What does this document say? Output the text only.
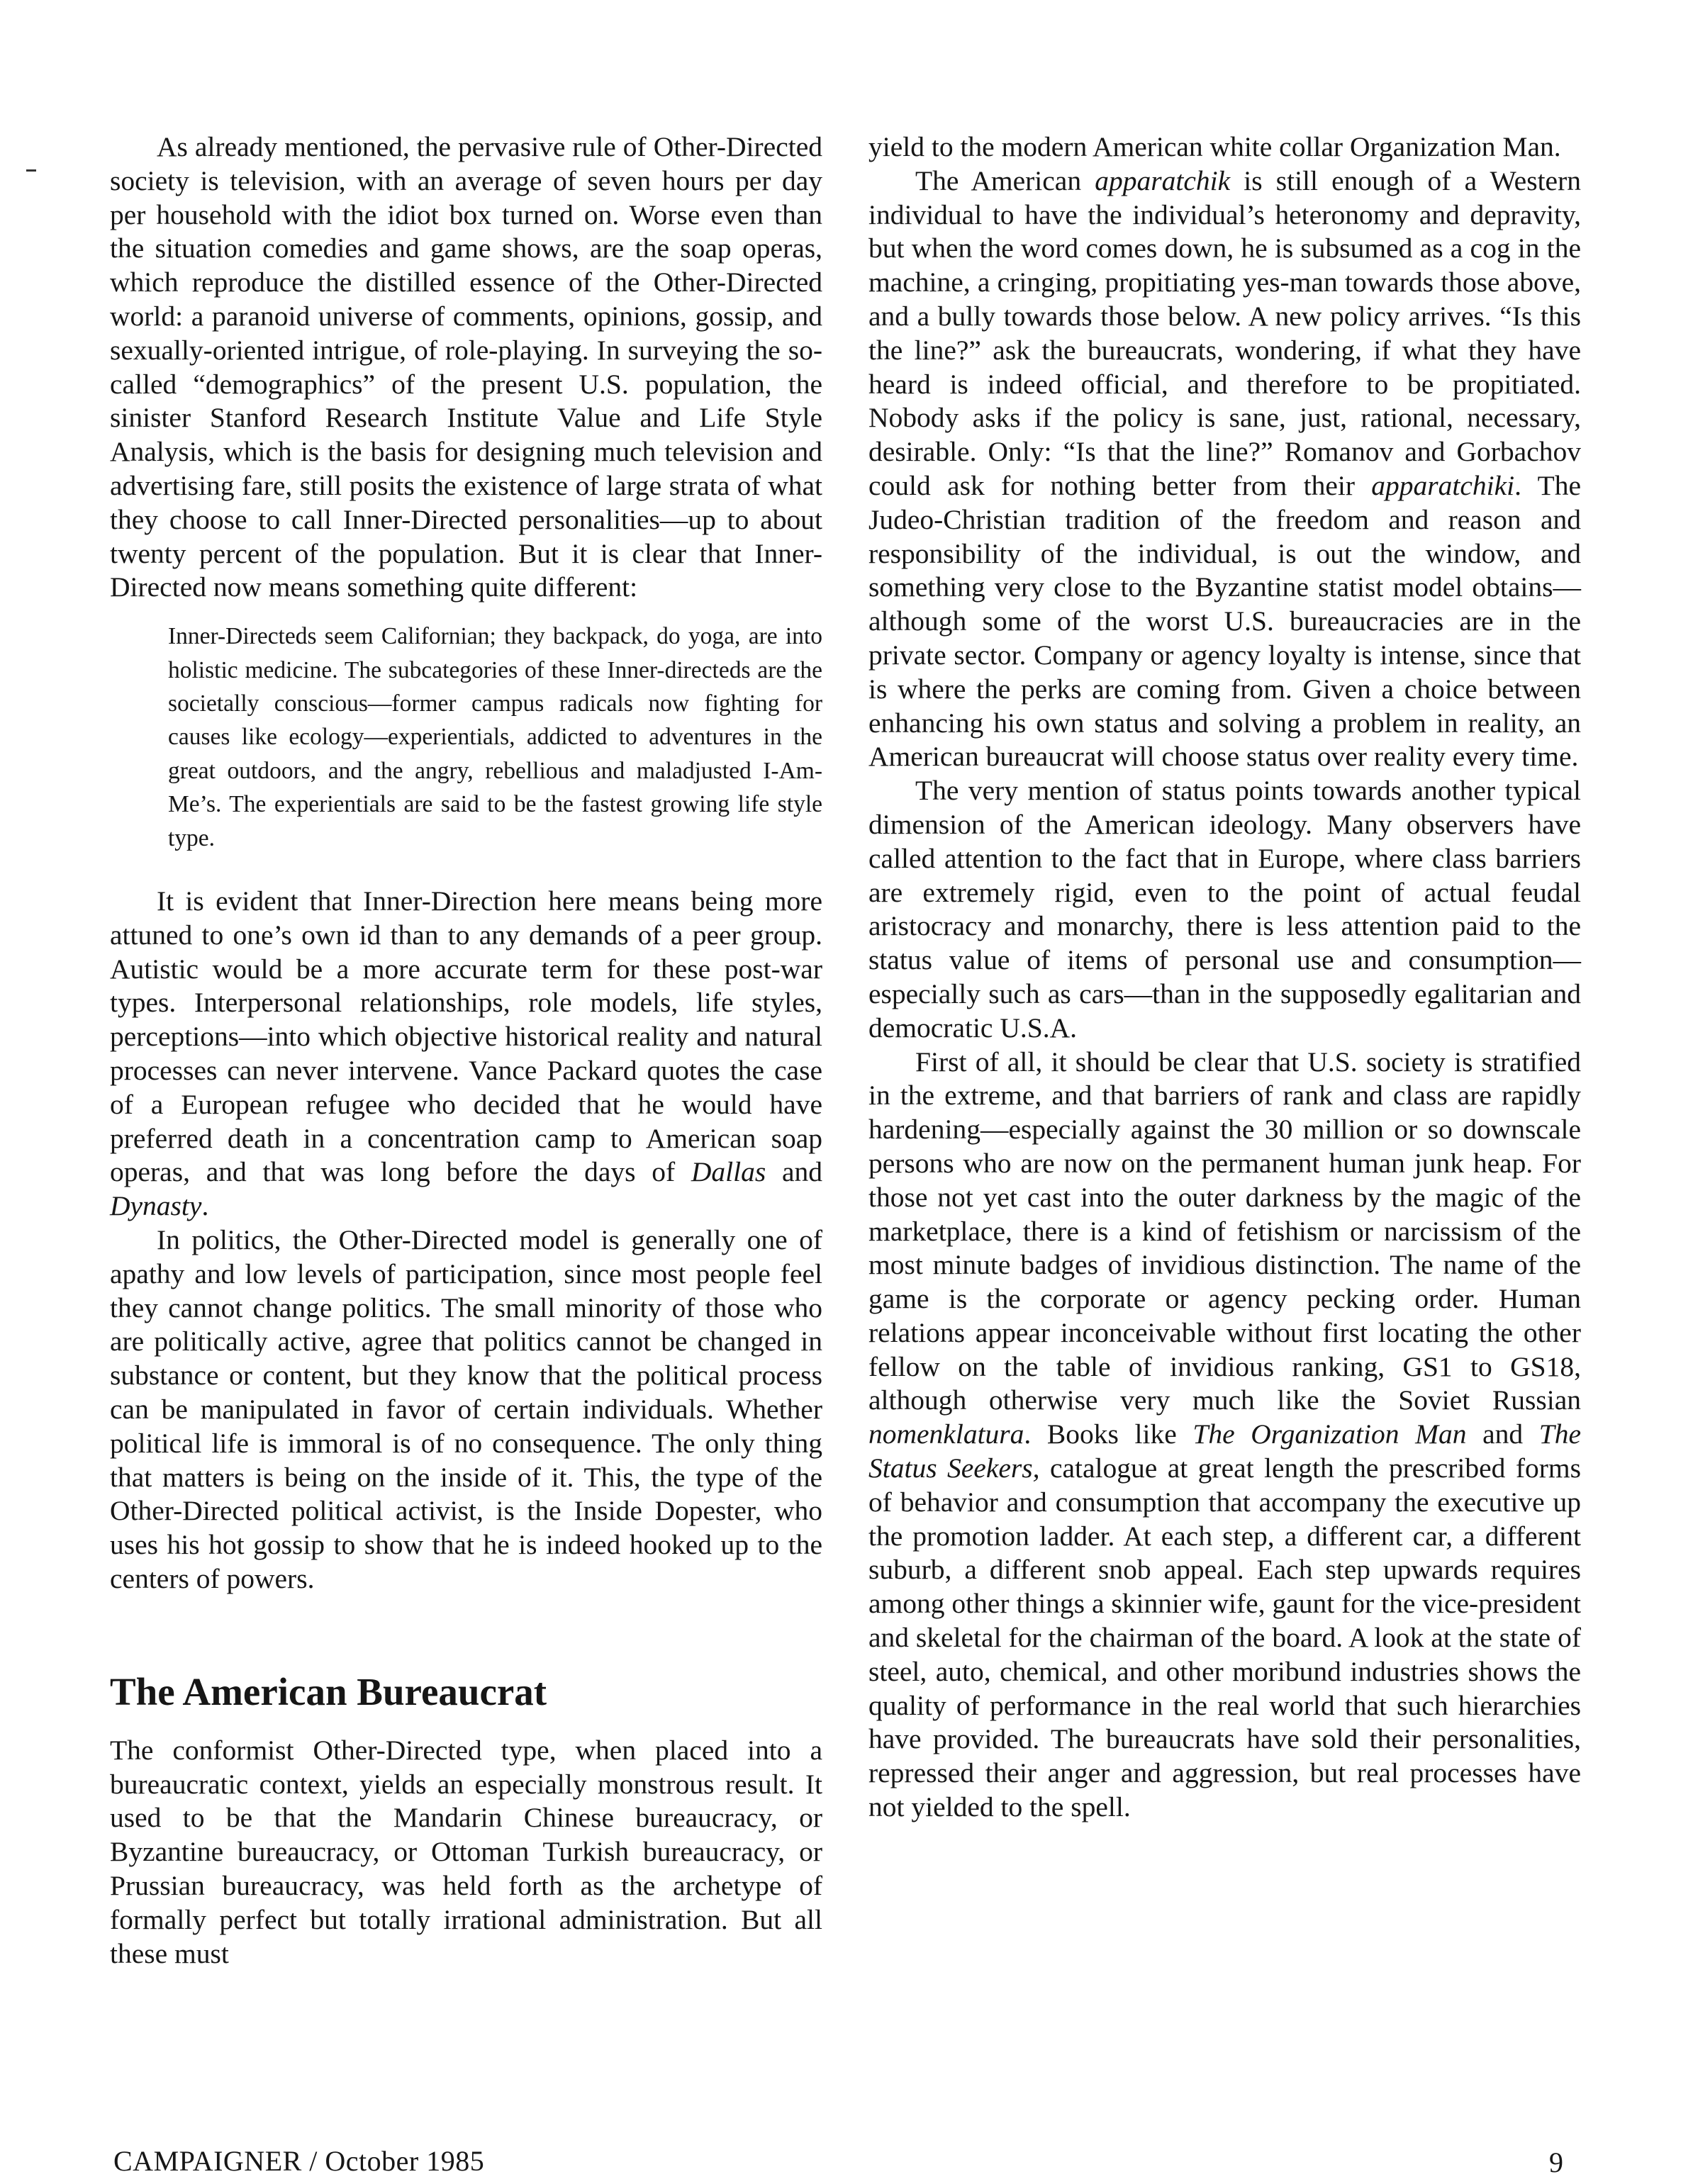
As already mentioned, the pervasive rule of Other-Directed society is television, with an average of seven hours per day per household with the idiot box turned on. Worse even than the situation comedies and game shows, are the soap operas, which reproduce the distilled essence of the Other-Directed world: a paranoid universe of comments, opinions, gossip, and sexually-oriented intrigue, of role-playing. In surveying the so-called “demographics” of the present U.S. population, the sinister Stanford Research Institute Value and Life Style Analysis, which is the basis for designing much television and advertising fare, still posits the existence of large strata of what they choose to call Inner-Directed personalities—up to about twenty percent of the population. But it is clear that Inner-Directed now means something quite different:

Inner-Directeds seem Californian; they backpack, do yoga, are into holistic medicine. The subcategories of these Inner-directeds are the societally conscious—former campus radicals now fighting for causes like ecology—experientials, addicted to adventures in the great outdoors, and the angry, rebellious and maladjusted I-Am-Me’s. The experientials are said to be the fastest growing life style type.

It is evident that Inner-Direction here means being more attuned to one’s own id than to any demands of a peer group. Autistic would be a more accurate term for these post-war types. Interpersonal relationships, role models, life styles, perceptions—into which objective historical reality and natural processes can never intervene. Vance Packard quotes the case of a European refugee who decided that he would have preferred death in a concentration camp to American soap operas, and that was long before the days of Dallas and Dynasty.

In politics, the Other-Directed model is generally one of apathy and low levels of participation, since most people feel they cannot change politics. The small minority of those who are politically active, agree that politics cannot be changed in substance or content, but they know that the political process can be manipulated in favor of certain individuals. Whether political life is immoral is of no consequence. The only thing that matters is being on the inside of it. This, the type of the Other-Directed political activist, is the Inside Dopester, who uses his hot gossip to show that he is indeed hooked up to the centers of powers.

The American Bureaucrat

The conformist Other-Directed type, when placed into a bureaucratic context, yields an especially monstrous result. It used to be that the Mandarin Chinese bureaucracy, or Byzantine bureaucracy, or Ottoman Turkish bureaucracy, or Prussian bureaucracy, was held forth as the archetype of formally perfect but totally irrational administration. But all these must

yield to the modern American white collar Organization Man.

The American apparatchik is still enough of a Western individual to have the individual’s heteronomy and depravity, but when the word comes down, he is subsumed as a cog in the machine, a cringing, propitiating yes-man towards those above, and a bully towards those below. A new policy arrives. “Is this the line?” ask the bureaucrats, wondering, if what they have heard is indeed official, and therefore to be propitiated. Nobody asks if the policy is sane, just, rational, necessary, desirable. Only: “Is that the line?” Romanov and Gorbachov could ask for nothing better from their apparatchiki. The Judeo-Christian tradition of the freedom and reason and responsibility of the individual, is out the window, and something very close to the Byzantine statist model obtains—although some of the worst U.S. bureaucracies are in the private sector. Company or agency loyalty is intense, since that is where the perks are coming from. Given a choice between enhancing his own status and solving a problem in reality, an American bureaucrat will choose status over reality every time.

The very mention of status points towards another typical dimension of the American ideology. Many observers have called attention to the fact that in Europe, where class barriers are extremely rigid, even to the point of actual feudal aristocracy and monarchy, there is less attention paid to the status value of items of personal use and consumption—especially such as cars—than in the supposedly egalitarian and democratic U.S.A.

First of all, it should be clear that U.S. society is stratified in the extreme, and that barriers of rank and class are rapidly hardening—especially against the 30 million or so downscale persons who are now on the permanent human junk heap. For those not yet cast into the outer darkness by the magic of the marketplace, there is a kind of fetishism or narcissism of the most minute badges of invidious distinction. The name of the game is the corporate or agency pecking order. Human relations appear inconceivable without first locating the other fellow on the table of invidious ranking, GS1 to GS18, although otherwise very much like the Soviet Russian nomenklatura. Books like The Organization Man and The Status Seekers, catalogue at great length the prescribed forms of behavior and consumption that accompany the executive up the promotion ladder. At each step, a different car, a different suburb, a different snob appeal. Each step upwards requires among other things a skinnier wife, gaunt for the vice-president and skeletal for the chairman of the board. A look at the state of steel, auto, chemical, and other moribund industries shows the quality of performance in the real world that such hierarchies have provided. The bureaucrats have sold their personalities, repressed their anger and aggression, but real processes have not yielded to the spell.

CAMPAIGNER / October 1985	9
